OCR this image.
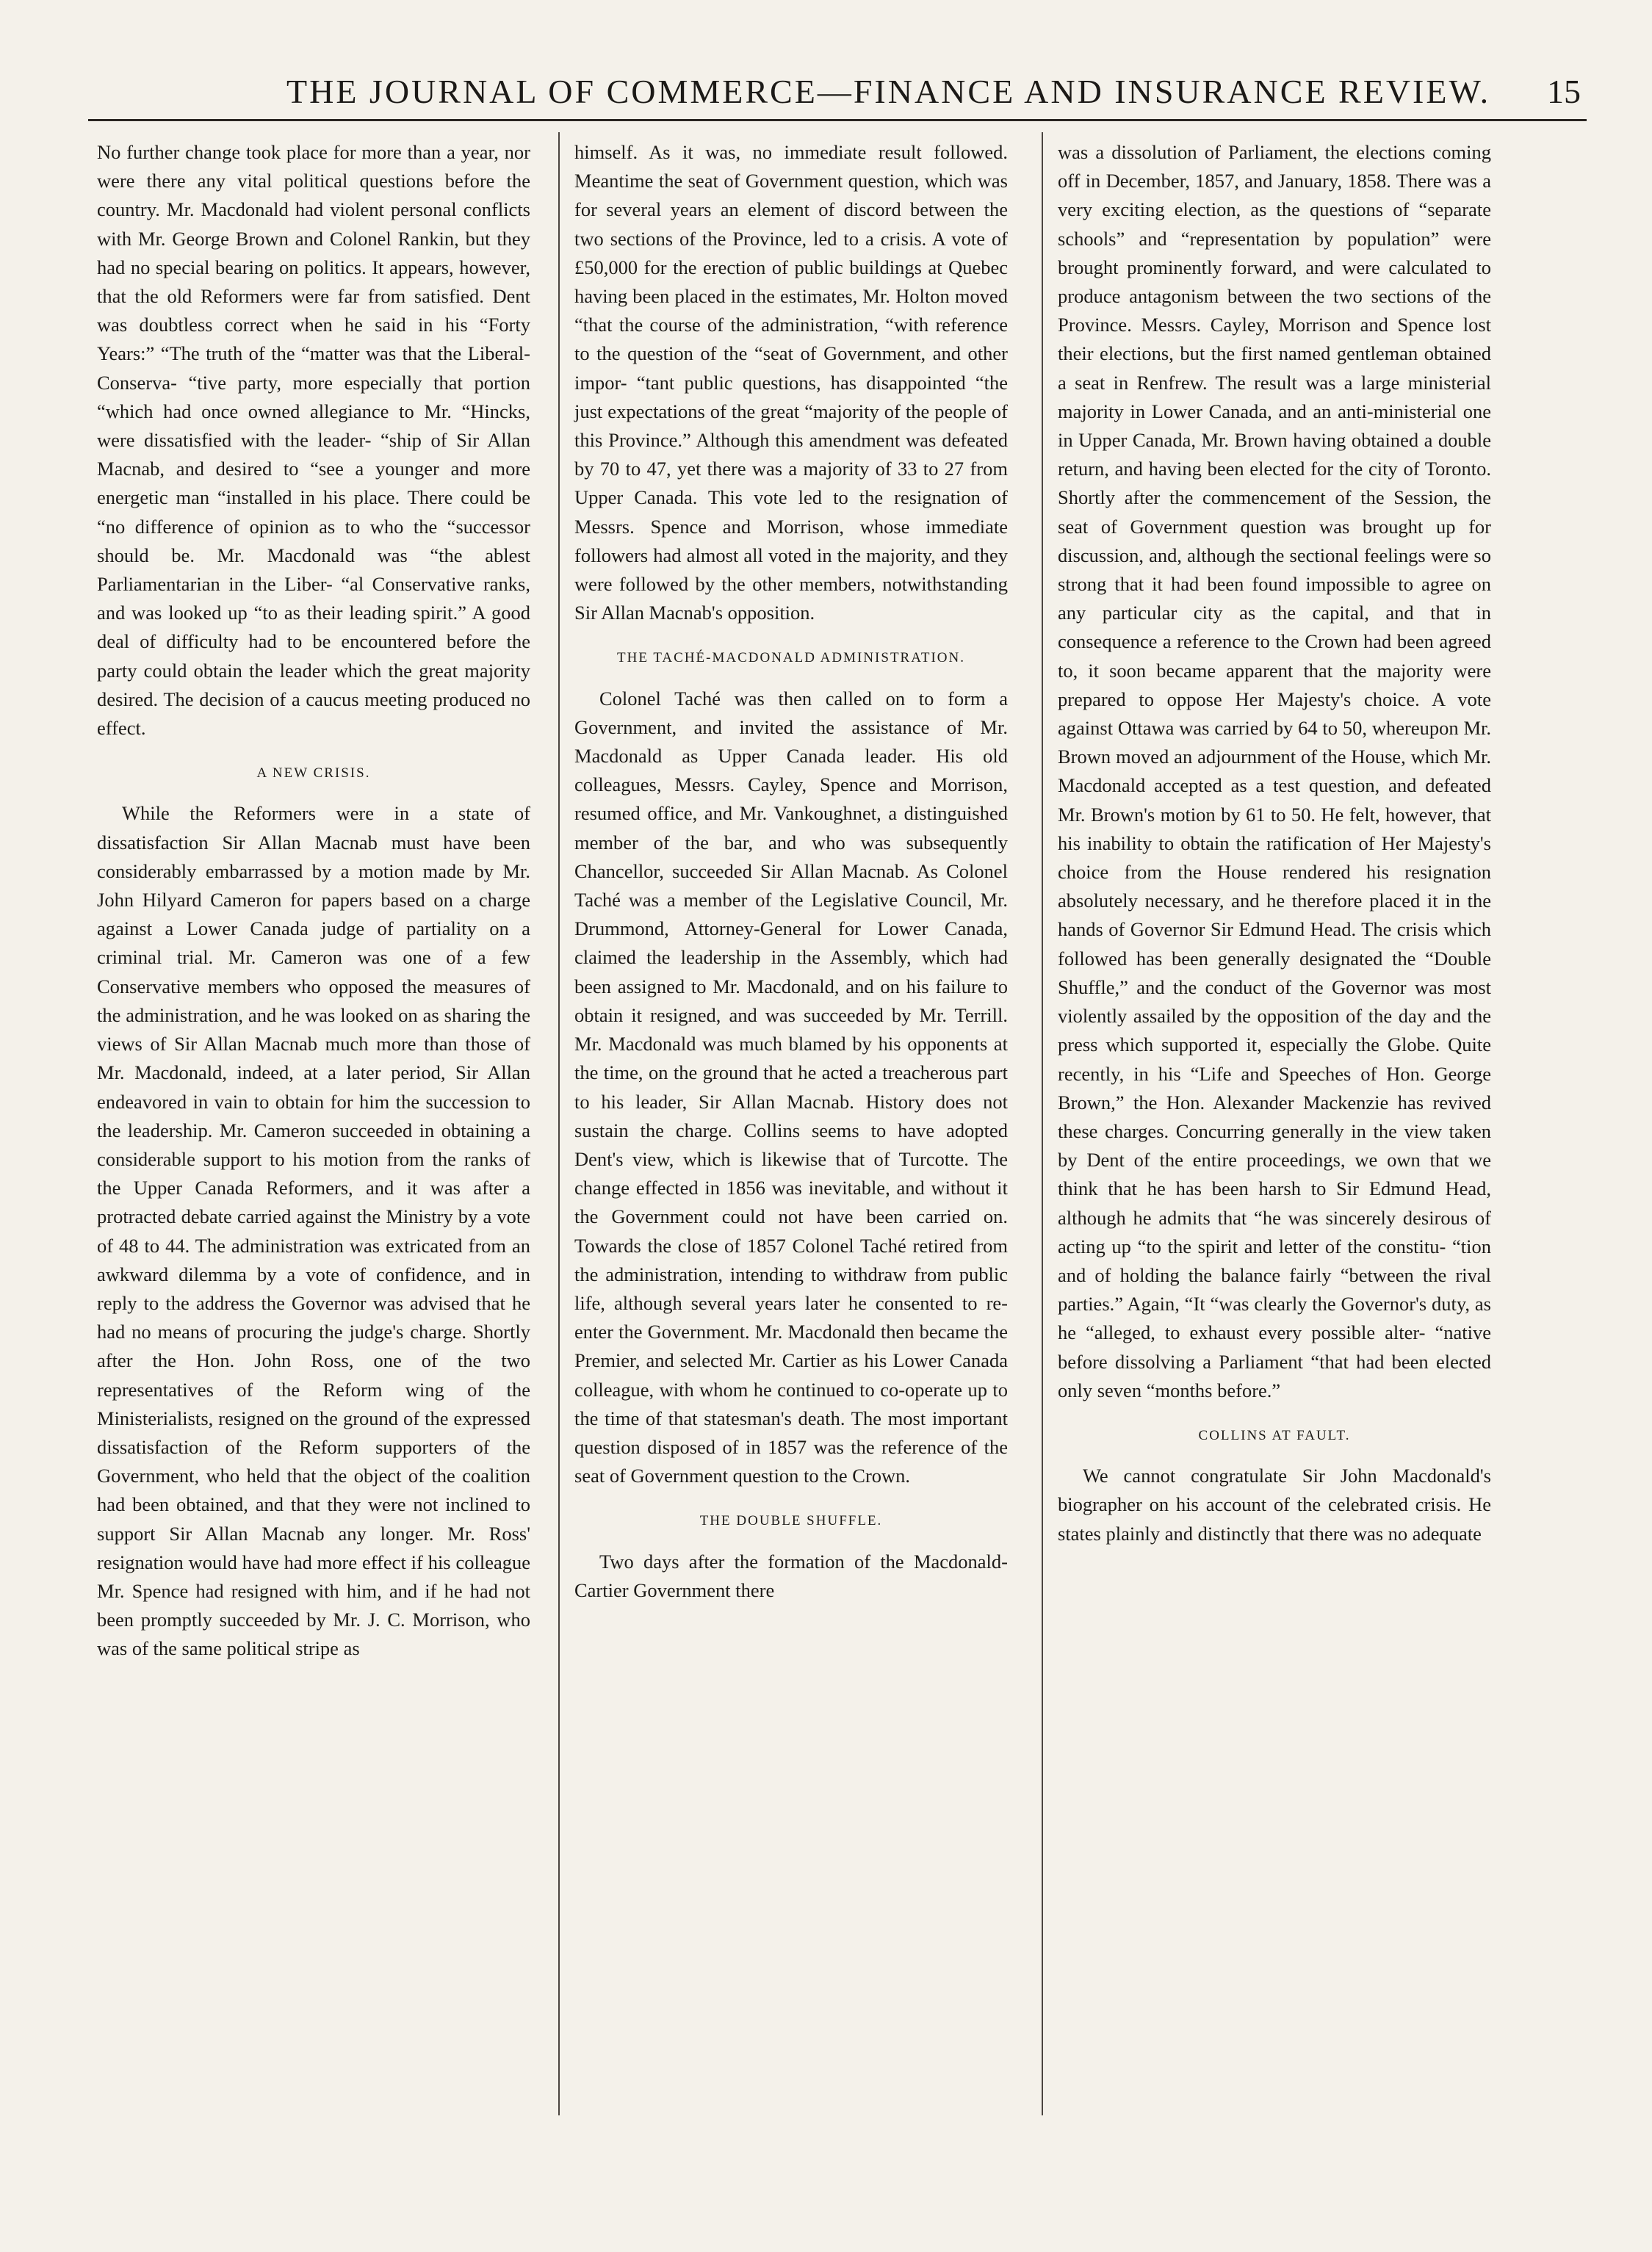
THE JOURNAL OF COMMERCE—FINANCE AND INSURANCE REVIEW. 15

No further change took place for more than a year, nor were there any vital political questions before the country. Mr. Macdonald had violent personal conflicts with Mr. George Brown and Colonel Rankin, but they had no special bearing on politics. It appears, however, that the old Reformers were far from satisfied. Dent was doubtless correct when he said in his “Forty Years:” “The truth of the “matter was that the Liberal-Conserva- “tive party, more especially that portion “which had once owned allegiance to Mr. “Hincks, were dissatisfied with the leader- “ship of Sir Allan Macnab, and desired to “see a younger and more energetic man “installed in his place. There could be “no difference of opinion as to who the “successor should be. Mr. Macdonald was “the ablest Parliamentarian in the Liber- “al Conservative ranks, and was looked up “to as their leading spirit.” A good deal of difficulty had to be encountered before the party could obtain the leader which the great majority desired. The decision of a caucus meeting produced no effect.

A NEW CRISIS.

While the Reformers were in a state of dissatisfaction Sir Allan Macnab must have been considerably embarrassed by a motion made by Mr. John Hilyard Cameron for papers based on a charge against a Lower Canada judge of partiality on a criminal trial. Mr. Cameron was one of a few Conservative members who opposed the measures of the administration, and he was looked on as sharing the views of Sir Allan Macnab much more than those of Mr. Macdonald, indeed, at a later period, Sir Allan endeavored in vain to obtain for him the succession to the leadership. Mr. Cameron succeeded in obtaining a considerable support to his motion from the ranks of the Upper Canada Reformers, and it was after a protracted debate carried against the Ministry by a vote of 48 to 44. The administration was extricated from an awkward dilemma by a vote of confidence, and in reply to the address the Governor was advised that he had no means of procuring the judge's charge. Shortly after the Hon. John Ross, one of the two representatives of the Reform wing of the Ministerialists, resigned on the ground of the expressed dissatisfaction of the Reform supporters of the Government, who held that the object of the coalition had been obtained, and that they were not inclined to support Sir Allan Macnab any longer. Mr. Ross' resignation would have had more effect if his colleague Mr. Spence had resigned with him, and if he had not been promptly succeeded by Mr. J. C. Morrison, who was of the same political stripe as

himself. As it was, no immediate result followed. Meantime the seat of Government question, which was for several years an element of discord between the two sections of the Province, led to a crisis. A vote of £50,000 for the erection of public buildings at Quebec having been placed in the estimates, Mr. Holton moved “that the course of the administration, “with reference to the question of the “seat of Government, and other impor- “tant public questions, has disappointed “the just expectations of the great “majority of the people of this Province.” Although this amendment was defeated by 70 to 47, yet there was a majority of 33 to 27 from Upper Canada. This vote led to the resignation of Messrs. Spence and Morrison, whose immediate followers had almost all voted in the majority, and they were followed by the other members, notwithstanding Sir Allan Macnab's opposition.

THE TACHÉ-MACDONALD ADMINISTRATION.

Colonel Taché was then called on to form a Government, and invited the assistance of Mr. Macdonald as Upper Canada leader. His old colleagues, Messrs. Cayley, Spence and Morrison, resumed office, and Mr. Vankoughnet, a distinguished member of the bar, and who was subsequently Chancellor, succeeded Sir Allan Macnab. As Colonel Taché was a member of the Legislative Council, Mr. Drummond, Attorney-General for Lower Canada, claimed the leadership in the Assembly, which had been assigned to Mr. Macdonald, and on his failure to obtain it resigned, and was succeeded by Mr. Terrill. Mr. Macdonald was much blamed by his opponents at the time, on the ground that he acted a treacherous part to his leader, Sir Allan Macnab. History does not sustain the charge. Collins seems to have adopted Dent's view, which is likewise that of Turcotte. The change effected in 1856 was inevitable, and without it the Government could not have been carried on. Towards the close of 1857 Colonel Taché retired from the administration, intending to withdraw from public life, although several years later he consented to re-enter the Government. Mr. Macdonald then became the Premier, and selected Mr. Cartier as his Lower Canada colleague, with whom he continued to co-operate up to the time of that statesman's death. The most important question disposed of in 1857 was the reference of the seat of Government question to the Crown.

THE DOUBLE SHUFFLE.

Two days after the formation of the Macdonald-Cartier Government there

was a dissolution of Parliament, the elections coming off in December, 1857, and January, 1858. There was a very exciting election, as the questions of “separate schools” and “representation by population” were brought prominently forward, and were calculated to produce antagonism between the two sections of the Province. Messrs. Cayley, Morrison and Spence lost their elections, but the first named gentleman obtained a seat in Renfrew. The result was a large ministerial majority in Lower Canada, and an anti-ministerial one in Upper Canada, Mr. Brown having obtained a double return, and having been elected for the city of Toronto. Shortly after the commencement of the Session, the seat of Government question was brought up for discussion, and, although the sectional feelings were so strong that it had been found impossible to agree on any particular city as the capital, and that in consequence a reference to the Crown had been agreed to, it soon became apparent that the majority were prepared to oppose Her Majesty's choice. A vote against Ottawa was carried by 64 to 50, whereupon Mr. Brown moved an adjournment of the House, which Mr. Macdonald accepted as a test question, and defeated Mr. Brown's motion by 61 to 50. He felt, however, that his inability to obtain the ratification of Her Majesty's choice from the House rendered his resignation absolutely necessary, and he therefore placed it in the hands of Governor Sir Edmund Head. The crisis which followed has been generally designated the “Double Shuffle,” and the conduct of the Governor was most violently assailed by the opposition of the day and the press which supported it, especially the Globe. Quite recently, in his “Life and Speeches of Hon. George Brown,” the Hon. Alexander Mackenzie has revived these charges. Concurring generally in the view taken by Dent of the entire proceedings, we own that we think that he has been harsh to Sir Edmund Head, although he admits that “he was sincerely desirous of acting up “to the spirit and letter of the constitu- “tion and of holding the balance fairly “between the rival parties.” Again, “It “was clearly the Governor's duty, as he “alleged, to exhaust every possible alter- “native before dissolving a Parliament “that had been elected only seven “months before.”

COLLINS AT FAULT.

We cannot congratulate Sir John Macdonald's biographer on his account of the celebrated crisis. He states plainly and distinctly that there was no adequate
